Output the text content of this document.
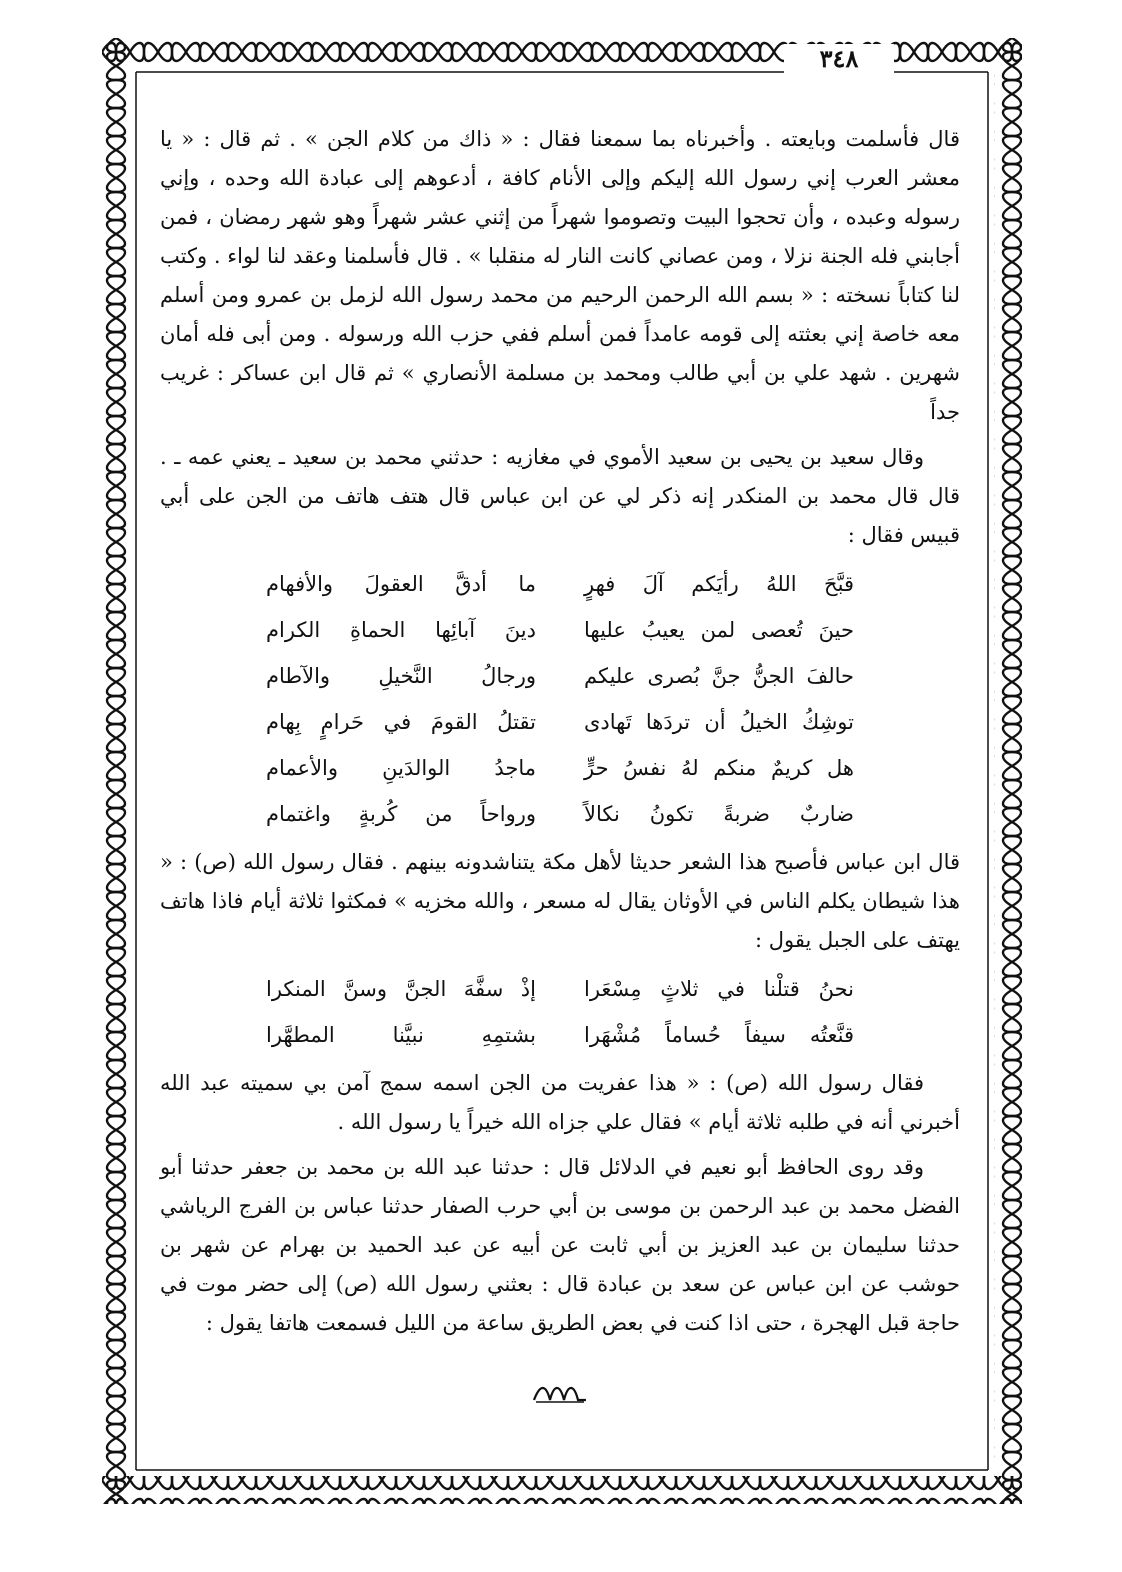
٣٤٨

قال فأسلمت وبايعته . وأخبرناه بما سمعنا فقال : « ذاك من كلام الجن » . ثم قال : « يا معشر العرب إني رسول الله إليكم وإلى الأنام كافة ، أدعوهم إلى عبادة الله وحده ، وإني رسوله وعبده ، وأن تحجوا البيت وتصوموا شهراً من إثني عشر شهراً وهو شهر رمضان ، فمن أجابني فله الجنة نزلا ، ومن عصاني كانت النار له منقلبا » . قال فأسلمنا وعقد لنا لواء . وكتب لنا كتاباً نسخته : « بسم الله الرحمن الرحيم من محمد رسول الله لزمل بن عمرو ومن أسلم معه خاصة إني بعثته إلى قومه عامداً فمن أسلم ففي حزب الله ورسوله . ومن أبى فله أمان شهرين . شهد علي بن أبي طالب ومحمد بن مسلمة الأنصاري » ثم قال ابن عساكر : غريب جداً

وقال سعيد بن يحيى بن سعيد الأموي في مغازيه : حدثني محمد بن سعيد ـ يعني عمه ـ . قال قال محمد بن المنكدر إنه ذكر لي عن ابن عباس قال هتف هاتف من الجن على أبي قبيس فقال :

قبَّحَ اللهُ رأيَكم آلَ فهرٍ
ما أدقَّ العقولَ والأفهام
حينَ تُعصى لمن يعيبُ عليها
دينَ آبائِها الحماةِ الكرام
حالفَ الجنُّ جنَّ بُصرى عليكم
ورجالُ النَّخيلِ والآطام
توشِكُ الخيلُ أن تردَها تَهادى
تقتلُ القومَ في حَرامٍ بِهام
هل كريمٌ منكم لهُ نفسُ حرٍّ
ماجدُ الوالدَينِ والأعمام
ضاربٌ ضربةً تكونُ نكالاً
ورواحاً من كُربةٍ واغتمام

قال ابن عباس فأصبح هذا الشعر حديثا لأهل مكة يتناشدونه بينهم . فقال رسول الله (ص) : « هذا شيطان يكلم الناس في الأوثان يقال له مسعر ، والله مخزيه » فمكثوا ثلاثة أيام فاذا هاتف يهتف على الجبل يقول :

نحنُ قتلْنا في ثلاثٍ مِسْعَرا
إذْ سفَّهَ الجنَّ وسنَّ المنكرا
قنَّعتُه سيفاً حُساماً مُشْهَرا
بشتمِهِ نبيَّنا المطهَّرا

فقال رسول الله (ص) : « هذا عفريت من الجن اسمه سمج آمن بي سميته عبد الله أخبرني أنه في طلبه ثلاثة أيام » فقال علي جزاه الله خيراً يا رسول الله .

وقد روى الحافظ أبو نعيم في الدلائل قال : حدثنا عبد الله بن محمد بن جعفر حدثنا أبو الفضل محمد بن عبد الرحمن بن موسى بن أبي حرب الصفار حدثنا عباس بن الفرج الرياشي حدثنا سليمان بن عبد العزيز بن أبي ثابت عن أبيه عن عبد الحميد بن بهرام عن شهر بن حوشب عن ابن عباس عن سعد بن عبادة قال : بعثني رسول الله (ص) إلى حضر موت في حاجة قبل الهجرة ، حتى اذا كنت في بعض الطريق ساعة من الليل فسمعت هاتفا يقول :
